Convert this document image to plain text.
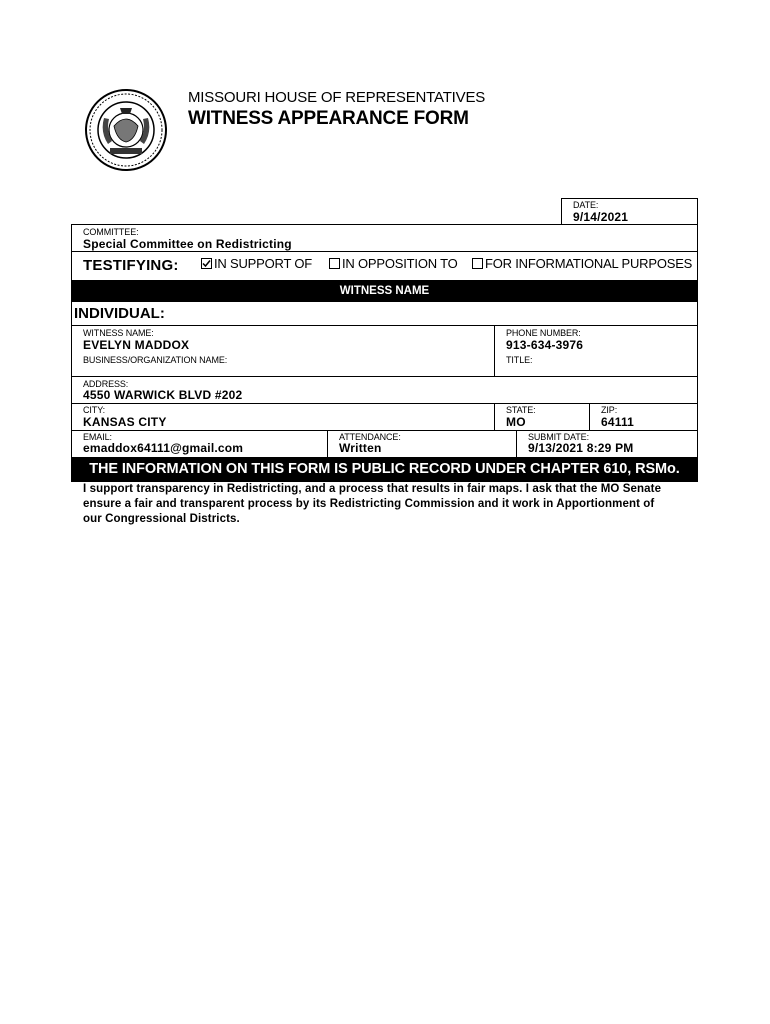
MISSOURI HOUSE OF REPRESENTATIVES
WITNESS APPEARANCE FORM
DATE:
9/14/2021
COMMITTEE:
Special Committee on Redistricting
TESTIFYING:	IN SUPPORT OF IN OPPOSITION TO FOR INFORMATIONAL PURPOSES
WITNESS NAME
INDIVIDUAL:
WITNESS NAME:
EVELYN MADDOX
PHONE NUMBER:
913-634-3976
BUSINESS/ORGANIZATION NAME:	TITLE:
ADDRESS:
4550 WARWICK BLVD #202
CITY:
KANSAS CITY
STATE:
MO
ZIP:
64111
EMAIL:
emaddox64111@gmail.com
ATTENDANCE:
Written
SUBMIT DATE:
9/13/2021 8:29 PM
THE INFORMATION ON THIS FORM IS PUBLIC RECORD UNDER CHAPTER 610, RSMo.
I support transparency in Redistricting, and a process that results in fair maps. I ask that the MO Senate ensure a fair and transparent process by its Redistricting Commission and it work in Apportionment of our Congressional Districts.
